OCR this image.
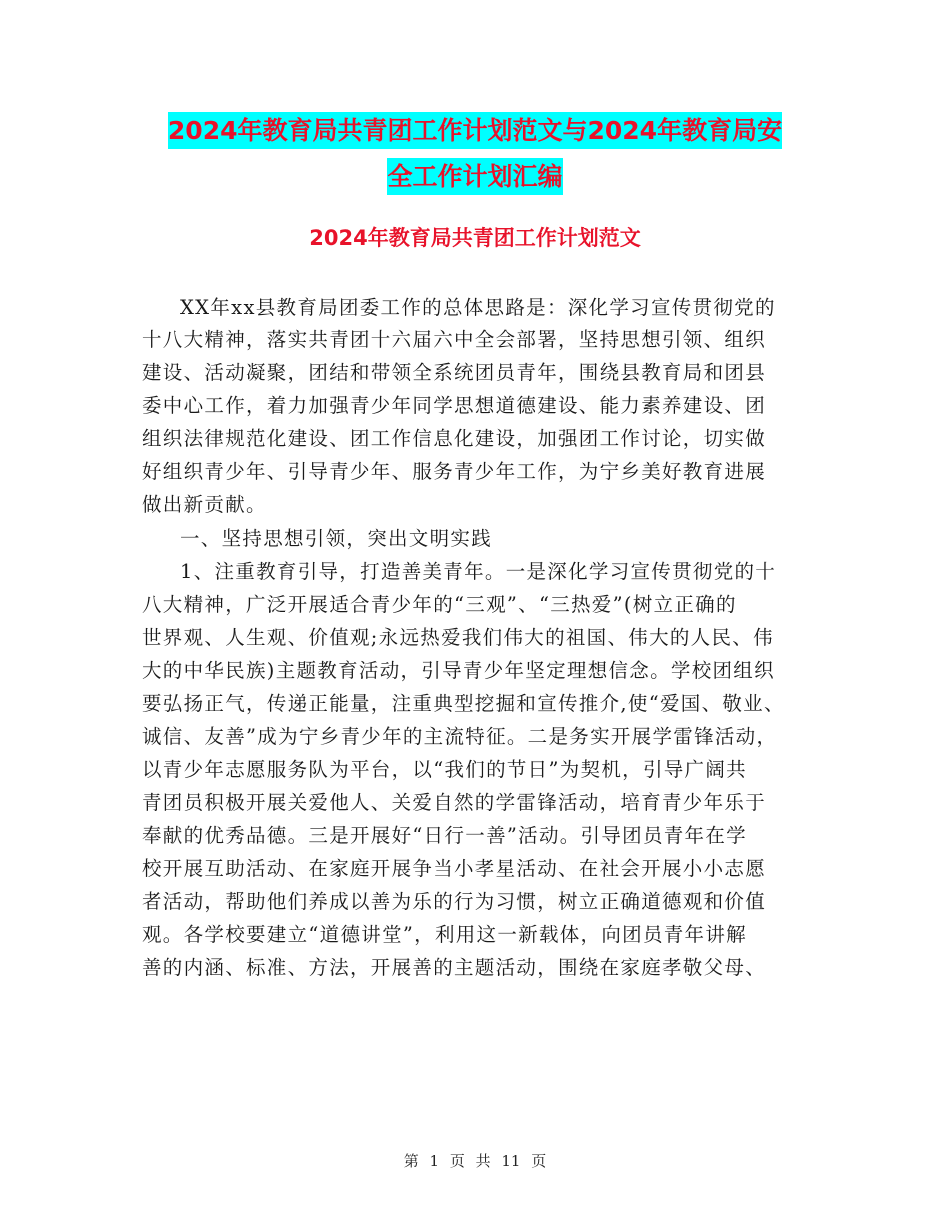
2024年教育局共青团工作计划范文与2024年教育局安
全工作计划汇编
2024年教育局共青团工作计划范文
XX年xx县教育局团委工作的总体思路是：深化学习宣传贯彻党的
十八大精神，落实共青团十六届六中全会部署，坚持思想引领、组织
建设、活动凝聚，团结和带领全系统团员青年，围绕县教育局和团县
委中心工作，着力加强青少年同学思想道德建设、能力素养建设、团
组织法律规范化建设、团工作信息化建设，加强团工作讨论，切实做
好组织青少年、引导青少年、服务青少年工作，为宁乡美好教育进展
做出新贡献。
一、坚持思想引领，突出文明实践
1、注重教育引导，打造善美青年。一是深化学习宣传贯彻党的十
八大精神，广泛开展适合青少年的“三观”、“三热爱”(树立正确的
世界观、人生观、价值观;永远热爱我们伟大的祖国、伟大的人民、伟
大的中华民族)主题教育活动，引导青少年坚定理想信念。学校团组织
要弘扬正气，传递正能量，注重典型挖掘和宣传推介,使“爱国、敬业、
诚信、友善”成为宁乡青少年的主流特征。二是务实开展学雷锋活动，
以青少年志愿服务队为平台，以“我们的节日”为契机，引导广阔共
青团员积极开展关爱他人、关爱自然的学雷锋活动，培育青少年乐于
奉献的优秀品德。三是开展好“日行一善”活动。引导团员青年在学
校开展互助活动、在家庭开展争当小孝星活动、在社会开展小小志愿
者活动，帮助他们养成以善为乐的行为习惯，树立正确道德观和价值
观。各学校要建立“道德讲堂”，利用这一新载体，向团员青年讲解
善的内涵、标准、方法，开展善的主题活动，围绕在家庭孝敬父母、
第 1 页 共 11 页
